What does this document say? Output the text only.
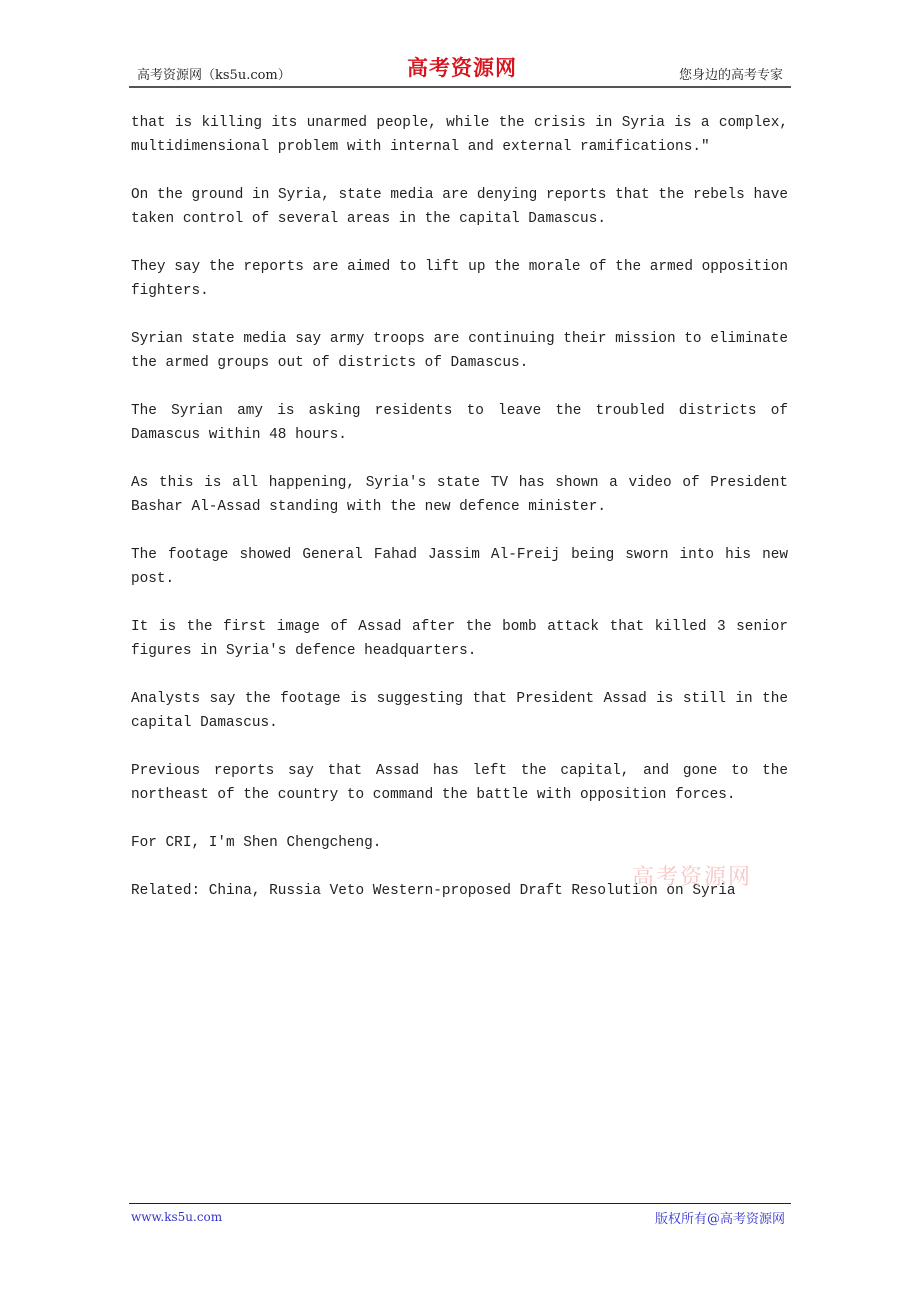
高考资源网（ks5u.com）	高考资源网	您身边的高考专家

that is killing its unarmed people, while the crisis in Syria is a complex, multidimensional problem with internal and external ramifications."

On the ground in Syria, state media are denying reports that the rebels have taken control of several areas in the capital Damascus.

They say the reports are aimed to lift up the morale of the armed opposition fighters.

Syrian state media say army troops are continuing their mission to eliminate the armed groups out of districts of Damascus.

The Syrian amy is asking residents to leave the troubled districts of Damascus within 48 hours.

As this is all happening, Syria's state TV has shown a video of President Bashar Al-Assad standing with the new defence minister.

The footage showed General Fahad Jassim Al-Freij being sworn into his new post.

It is the first image of Assad after the bomb attack that killed 3 senior figures in Syria's defence headquarters.

Analysts say the footage is suggesting that President Assad is still in the capital Damascus.

Previous reports say that Assad has left the capital, and gone to the northeast of the country to command the battle with opposition forces.

For CRI, I'm Shen Chengcheng.

Related: China, Russia Veto Western-proposed Draft Resolution on Syria

高考资源网
www.ks5u.com	版权所有@高考资源网
